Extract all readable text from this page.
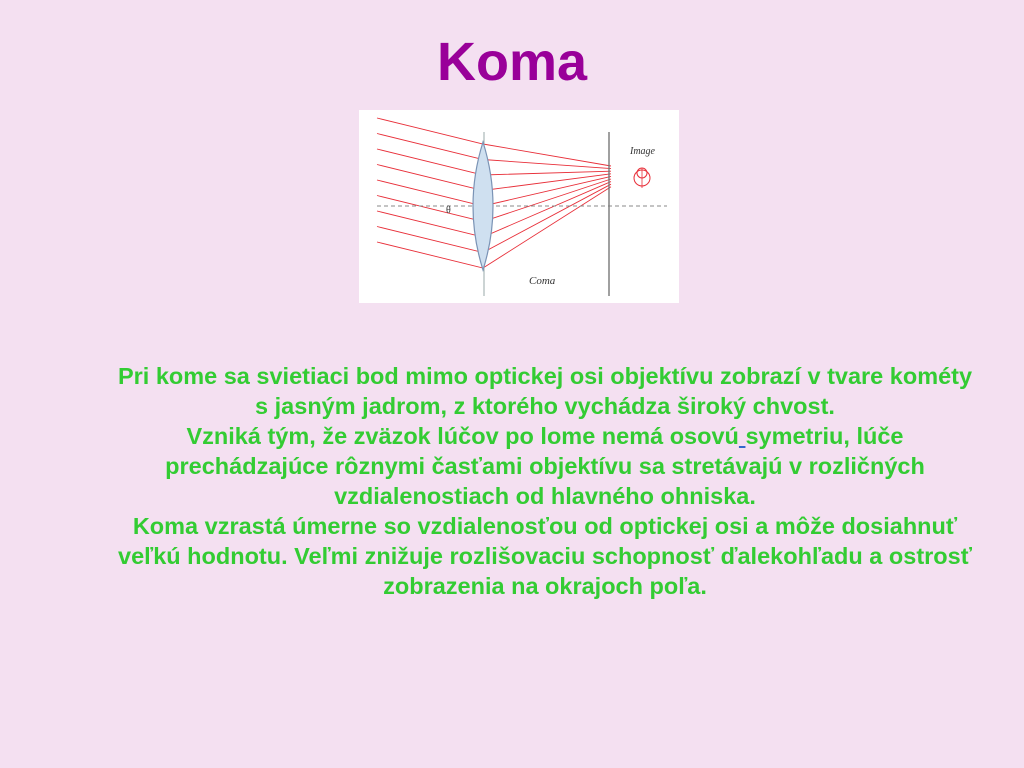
Koma
Image
θ
Coma

Pri kome sa svietiaci bod mimo optickej osi objektívu zobrazí v tvare kométy s jasným jadrom, z ktorého vychádza široký chvost.

Vzniká tým, že zväzok lúčov po lome nemá osovú symetriu, lúče prechádzajúce rôznymi časťami objektívu sa stretávajú v rozličných vzdialenostiach od hlavného ohniska.

Koma vzrastá úmerne so vzdialenosťou od optickej osi a môže dosiahnuť veľkú hodnotu. Veľmi znižuje rozlišovaciu schopnosť ďalekohľadu a ostrosť zobrazenia na okrajoch poľa.
